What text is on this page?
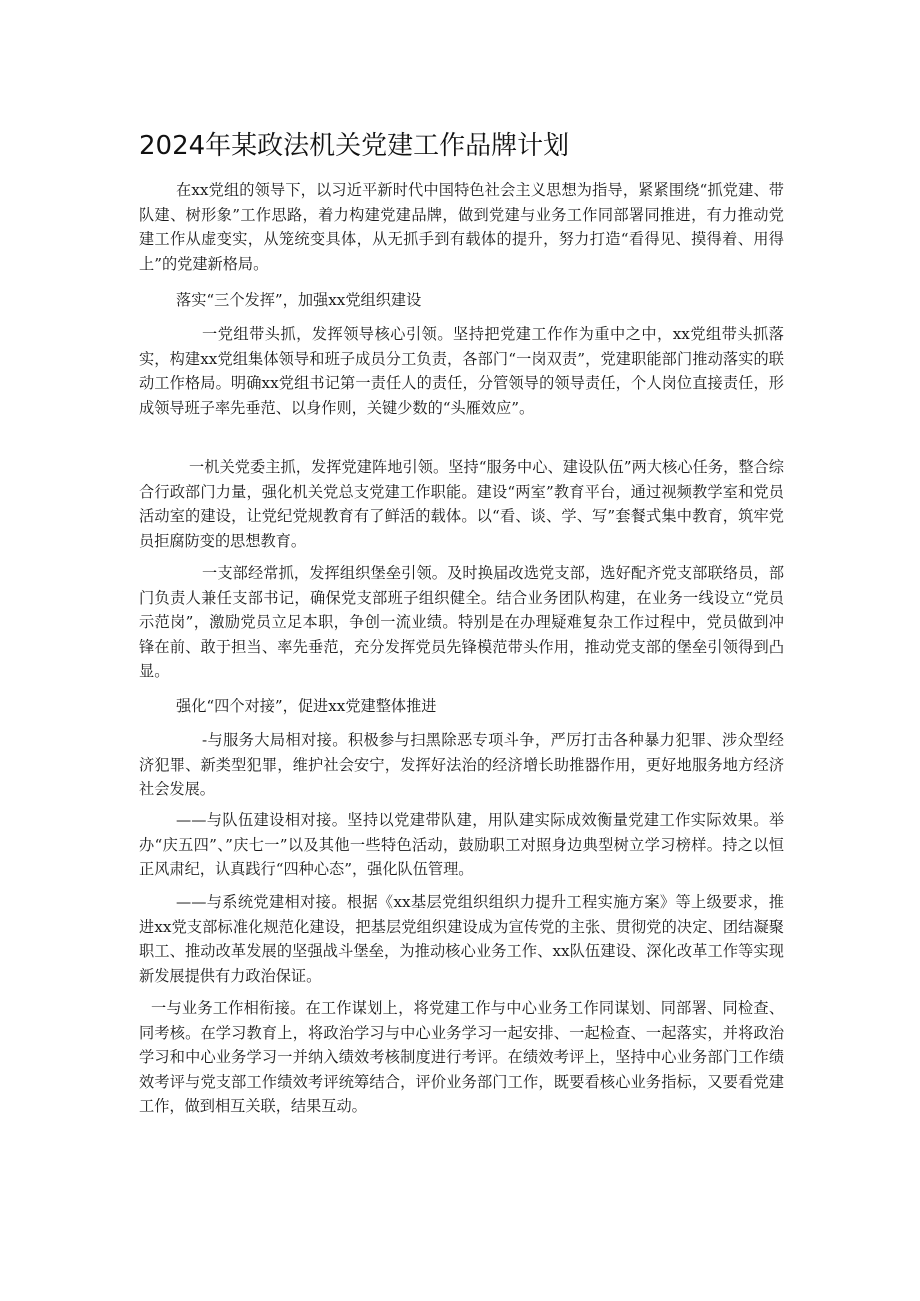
2024年某政法机关党建工作品牌计划

在xx党组的领导下，以习近平新时代中国特色社会主义思想为指导，紧紧围绕“抓党建、带队建、树形象”工作思路，着力构建党建品牌，做到党建与业务工作同部署同推进，有力推动党建工作从虚变实，从笼统变具体，从无抓手到有载体的提升，努力打造“看得见、摸得着、用得上”的党建新格局。

落实“三个发挥”，加强xx党组织建设

一党组带头抓，发挥领导核心引领。坚持把党建工作作为重中之中，xx党组带头抓落实，构建xx党组集体领导和班子成员分工负责，各部门“一岗双责”，党建职能部门推动落实的联动工作格局。明确xx党组书记第一责任人的责任，分管领导的领导责任，个人岗位直接责任，形成领导班子率先垂范、以身作则，关键少数的“头雁效应”。

一机关党委主抓，发挥党建阵地引领。坚持“服务中心、建设队伍”两大核心任务，整合综合行政部门力量，强化机关党总支党建工作职能。建设“两室”教育平台，通过视频教学室和党员活动室的建设，让党纪党规教育有了鲜活的载体。以“看、谈、学、写”套餐式集中教育，筑牢党员拒腐防变的思想教育。

一支部经常抓，发挥组织堡垒引领。及时换届改选党支部，选好配齐党支部联络员，部门负责人兼任支部书记，确保党支部班子组织健全。结合业务团队构建，在业务一线设立“党员示范岗”，激励党员立足本职，争创一流业绩。特别是在办理疑难复杂工作过程中，党员做到冲锋在前、敢于担当、率先垂范，充分发挥党员先锋模范带头作用，推动党支部的堡垒引领得到凸显。

强化“四个对接”，促进xx党建整体推进

-与服务大局相对接。积极参与扫黑除恶专项斗争，严厉打击各种暴力犯罪、涉众型经济犯罪、新类型犯罪，维护社会安宁，发挥好法治的经济增长助推器作用，更好地服务地方经济社会发展。

——与队伍建设相对接。坚持以党建带队建，用队建实际成效衡量党建工作实际效果。举办“庆五四”、”庆七一”以及其他一些特色活动，鼓励职工对照身边典型树立学习榜样。持之以恒正风肃纪，认真践行“四种心态”，强化队伍管理。

——与系统党建相对接。根据《xx基层党组织组织力提升工程实施方案》等上级要求，推进xx党支部标准化规范化建设，把基层党组织建设成为宣传党的主张、贯彻党的决定、团结凝聚职工、推动改革发展的坚强战斗堡垒，为推动核心业务工作、xx队伍建设、深化改革工作等实现新发展提供有力政治保证。

一与业务工作相衔接。在工作谋划上，将党建工作与中心业务工作同谋划、同部署、同检查、同考核。在学习教育上，将政治学习与中心业务学习一起安排、一起检查、一起落实，并将政治学习和中心业务学习一并纳入绩效考核制度进行考评。在绩效考评上，坚持中心业务部门工作绩效考评与党支部工作绩效考评统筹结合，评价业务部门工作，既要看核心业务指标，又要看党建工作，做到相互关联，结果互动。
